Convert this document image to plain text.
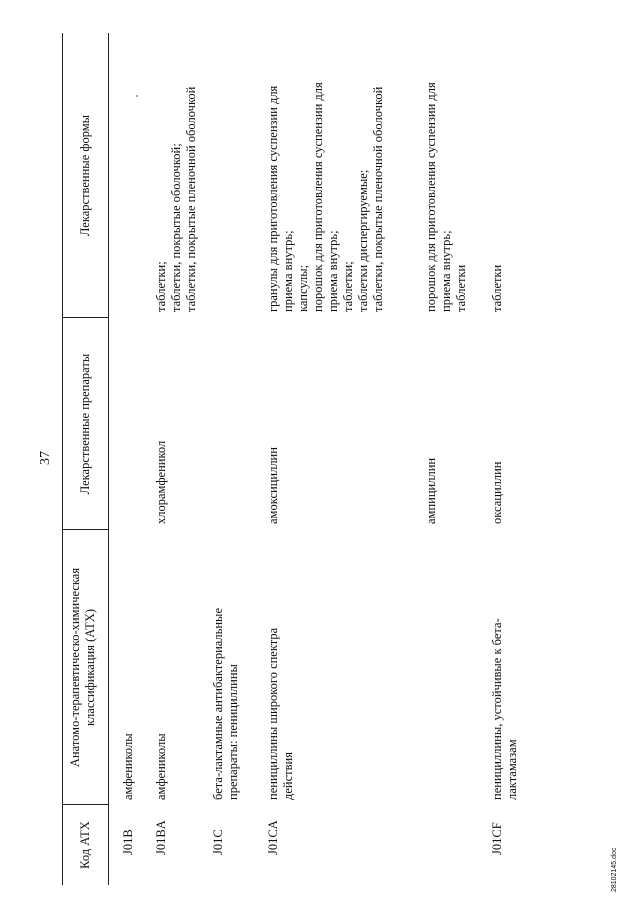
37
Код АТХ
Анатомо-терапевтическо-химическая классификация (АТХ)
Лекарственные препараты
Лекарственные формы
J01B
амфениколы
J01BA
амфениколы
хлорамфеникол
таблетки; таблетки, покрытые оболочкой; таблетки, покрытые пленочной оболочкой
J01C
бета-лактамные антибактериальные препараты: пенициллины
J01CA
пенициллины широкого спектра действия
амоксициллин
гранулы для приготовления суспензии для приема внутрь; капсулы; порошок для приготовления суспензии для приема внутрь; таблетки; таблетки диспергируемые; таблетки, покрытые пленочной оболочкой
ампициллин
порошок для приготовления суспензии для приема внутрь; таблетки
J01CF
пенициллины, устойчивые к бета- лактамазам
оксациллин
таблетки
28102145.doc
